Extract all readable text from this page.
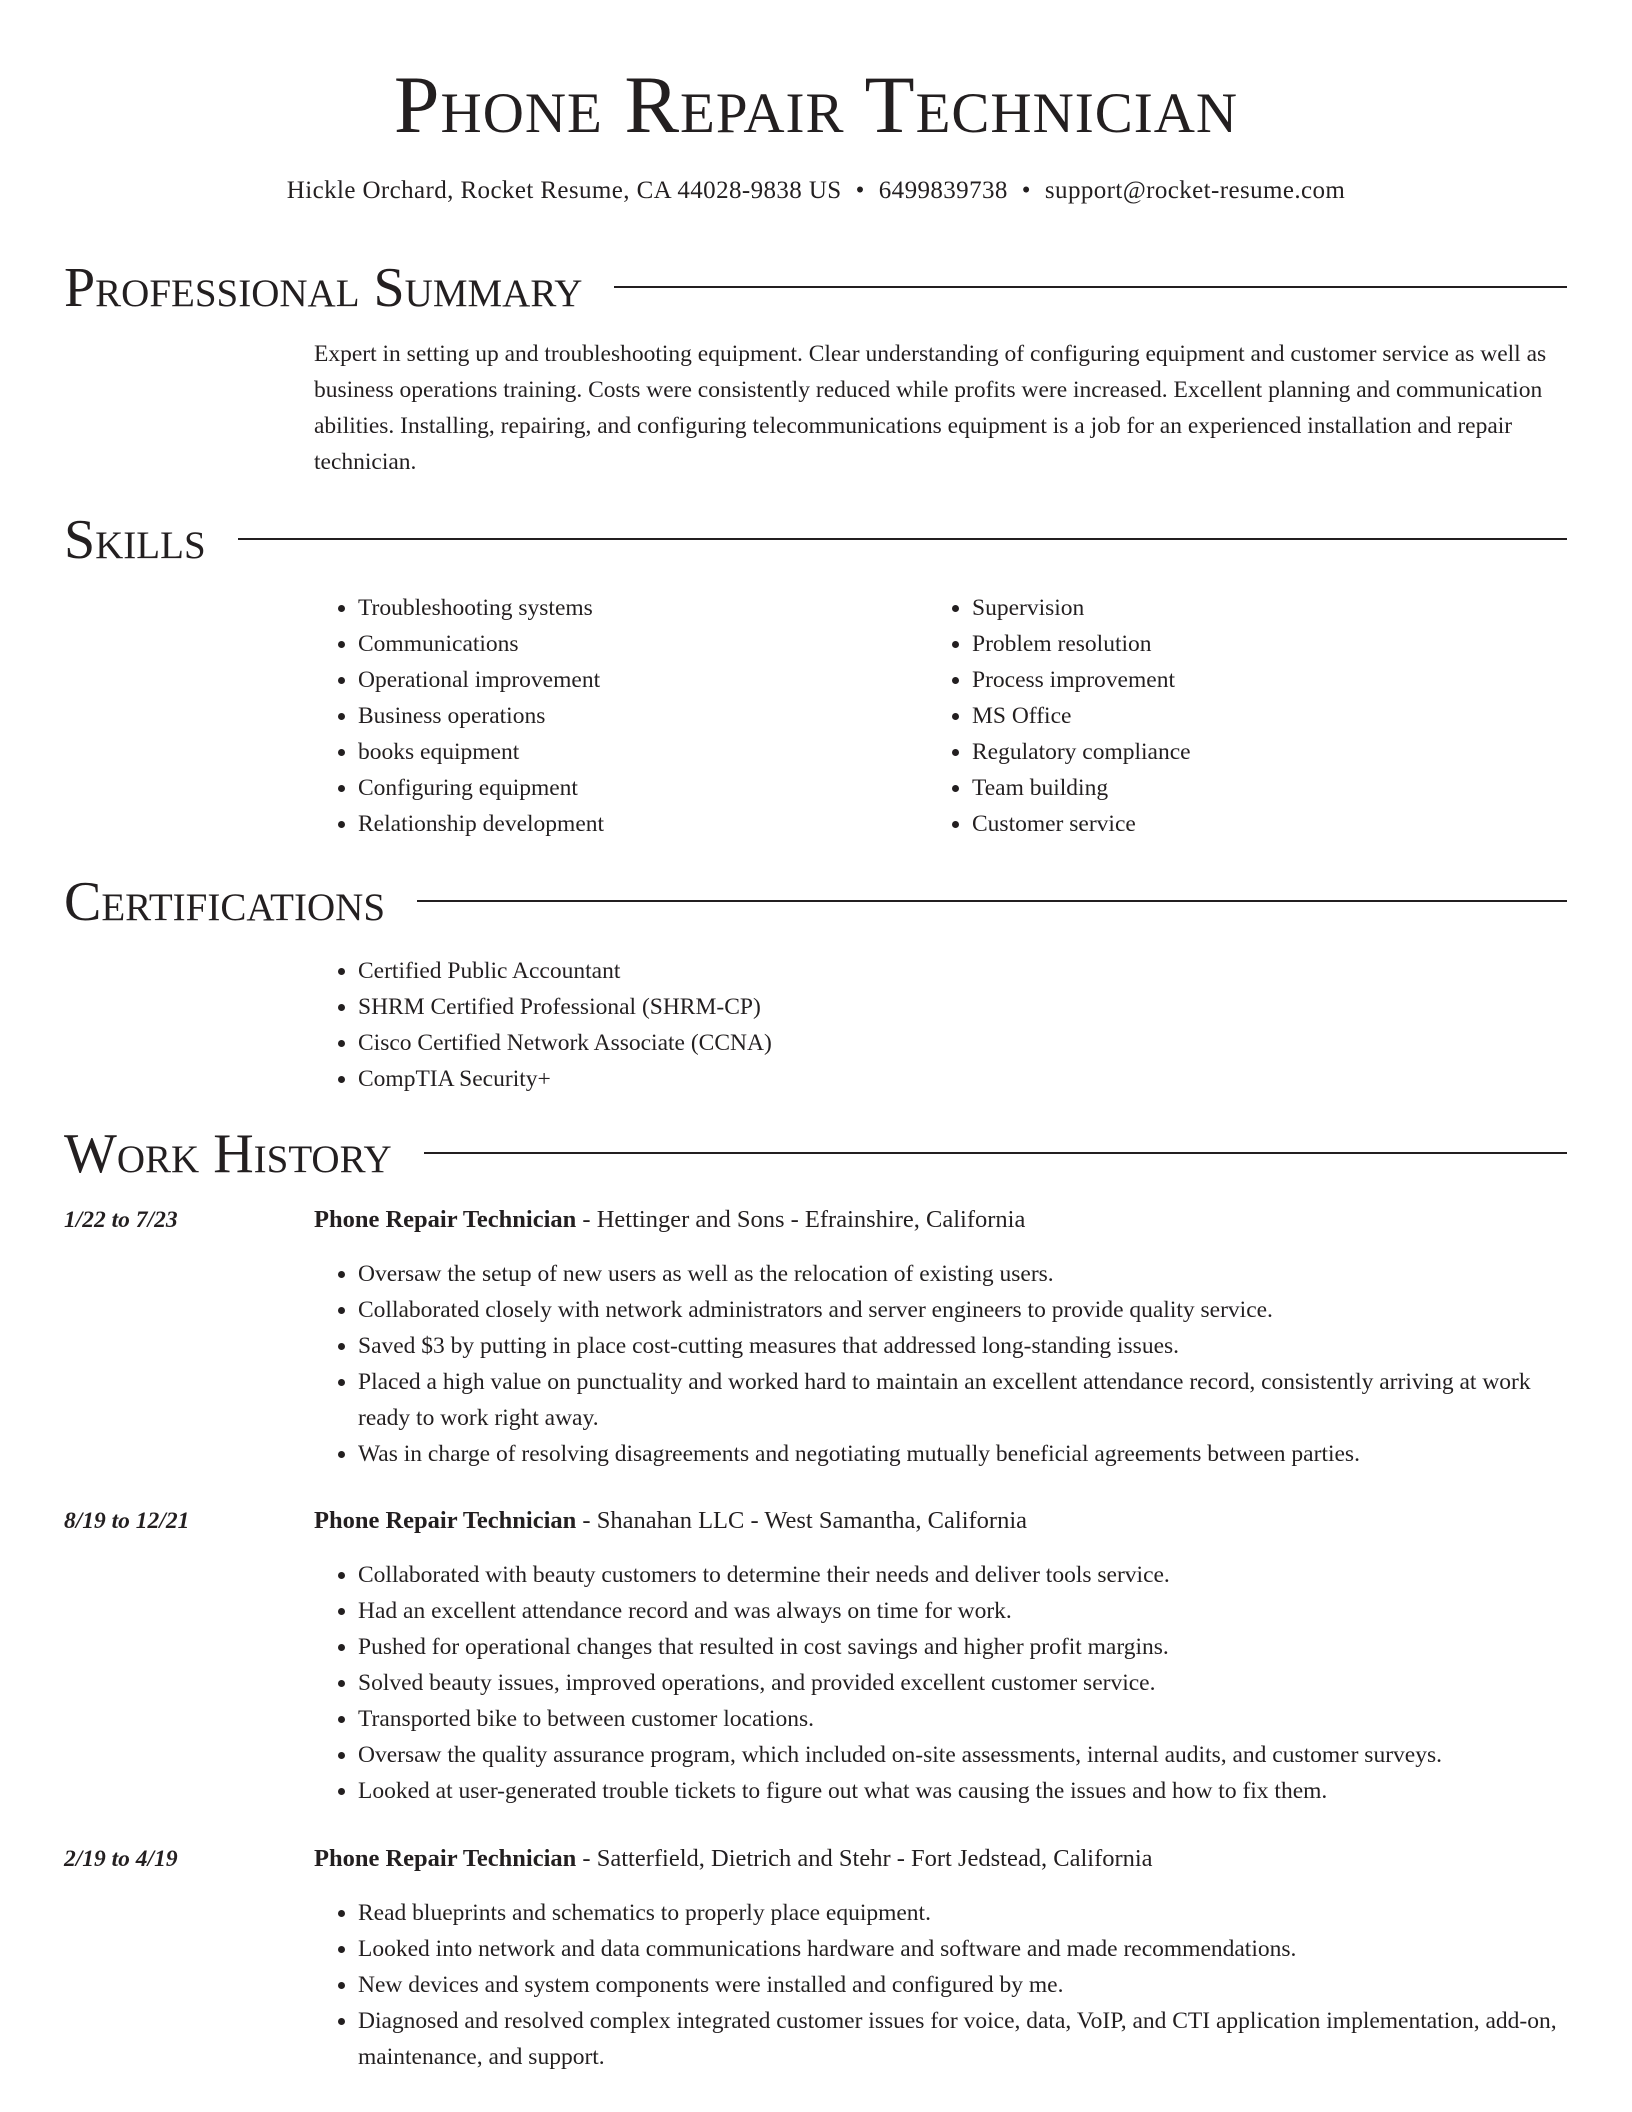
Phone Repair Technician
Hickle Orchard, Rocket Resume, CA 44028-9838 US • 6499839738 • support@rocket-resume.com
Professional Summary
Expert in setting up and troubleshooting equipment. Clear understanding of configuring equipment and customer service as well as business operations training. Costs were consistently reduced while profits were increased. Excellent planning and communication abilities. Installing, repairing, and configuring telecommunications equipment is a job for an experienced installation and repair technician.
Skills
• Troubleshooting systems
• Communications
• Operational improvement
• Business operations
• books equipment
• Configuring equipment
• Relationship development
• Supervision
• Problem resolution
• Process improvement
• MS Office
• Regulatory compliance
• Team building
• Customer service
Certifications
• Certified Public Accountant
• SHRM Certified Professional (SHRM-CP)
• Cisco Certified Network Associate (CCNA)
• CompTIA Security+
Work History
1/22 to 7/23	Phone Repair Technician - Hettinger and Sons - Efrainshire, California
• Oversaw the setup of new users as well as the relocation of existing users.
• Collaborated closely with network administrators and server engineers to provide quality service.
• Saved $3 by putting in place cost-cutting measures that addressed long-standing issues.
• Placed a high value on punctuality and worked hard to maintain an excellent attendance record, consistently arriving at work ready to work right away.
• Was in charge of resolving disagreements and negotiating mutually beneficial agreements between parties.
8/19 to 12/21	Phone Repair Technician - Shanahan LLC - West Samantha, California
• Collaborated with beauty customers to determine their needs and deliver tools service.
• Had an excellent attendance record and was always on time for work.
• Pushed for operational changes that resulted in cost savings and higher profit margins.
• Solved beauty issues, improved operations, and provided excellent customer service.
• Transported bike to between customer locations.
• Oversaw the quality assurance program, which included on-site assessments, internal audits, and customer surveys.
• Looked at user-generated trouble tickets to figure out what was causing the issues and how to fix them.
2/19 to 4/19	Phone Repair Technician - Satterfield, Dietrich and Stehr - Fort Jedstead, California
• Read blueprints and schematics to properly place equipment.
• Looked into network and data communications hardware and software and made recommendations.
• New devices and system components were installed and configured by me.
• Diagnosed and resolved complex integrated customer issues for voice, data, VoIP, and CTI application implementation, add-on, maintenance, and support.
